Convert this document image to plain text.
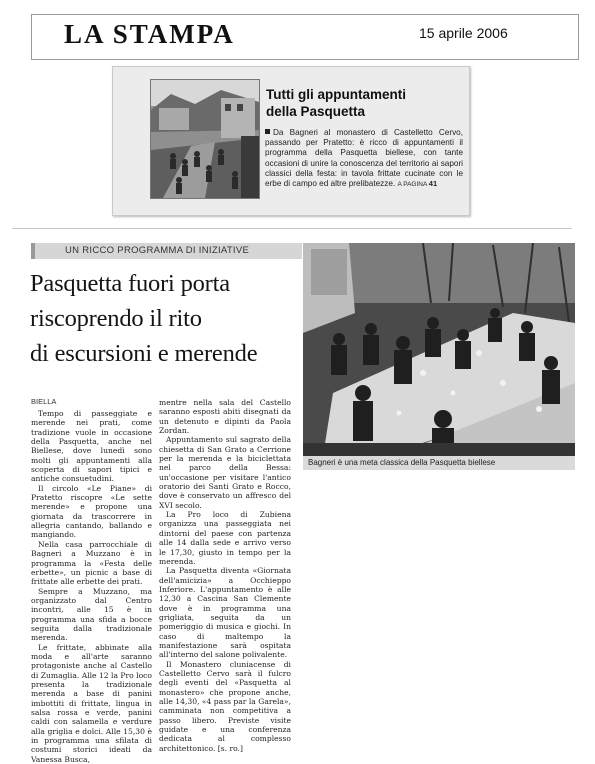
LA STAMPA	15 aprile 2006
Tutti gli appuntamenti
della Pasquetta
Da Bagneri al monastero di Castelletto Cervo, passando per Pratetto: è ricco di appuntamenti il programma della Pasquetta biellese, con tante occasioni di unire la conoscenza del territorio ai sapori classici della festa: in tavola frittate cucinate con le erbe di campo ed altre prelibatezze. A PAGINA 41
UN RICCO PROGRAMMA DI INIZIATIVE
Pasquetta fuori porta
riscoprendo il rito
di escursioni e merende
BIELLA

Tempo di passeggiate e merende nei prati, come tradizione vuole in occasione della Pasquetta, anche nel Biellese, dove lunedì sono molti gli appuntamenti alla scoperta di sapori tipici e antiche consuetudini.

Il circolo «Le Piane» di Pratetto riscopre «Le sette merende» e propone una giornata da trascorrere in allegria cantando, ballando e mangiando.

Nella casa parrocchiale di Bagneri a Muzzano è in programma la «Festa delle erbette», un picnic a base di frittate alle erbette dei prati.

Sempre a Muzzano, ma organizzato dal Centro incontri, alle 15 è in programma una sfida a bocce seguita dalla tradizionale merenda.

Le frittate, abbinate alla moda e all'arte saranno protagoniste anche al Castello di Zumaglia. Alle 12 la Pro loco presenta la tradizionale merenda a base di panini imbottiti di frittate, lingua in salsa rossa e verde, panini caldi con salamella e verdure alla griglia e dolci. Alle 15,30 è in programma una sfilata di costumi storici ideati da Vanessa Busca,

mentre nella sala del Castello saranno esposti abiti disegnati da un detenuto e dipinti da Paola Zordan.

Appuntamento sul sagrato della chiesetta di San Grato a Cerrione per la merenda e la biciclettata nel parco della Bessa: un'occasione per visitare l'antico oratorio dei Santi Grato e Rocco, dove è conservato un affresco del XVI secolo.

La Pro loco di Zubiena organizza una passeggiata nei dintorni del paese con partenza alle 14 dalla sede e arrivo verso le 17,30, giusto in tempo per la merenda.

La Pasquetta diventa «Giornata dell'amicizia» a Occhieppo Inferiore. L'appuntamento è alle 12,30 a Cascina San Clemente dove è in programma una grigliata, seguita da un pomeriggio di musica e giochi. In caso di maltempo la manifestazione sarà ospitata all'interno del salone polivalente.

Il Monastero cluniacense di Castelletto Cervo sarà il fulcro degli eventi del «Pasquetta al monastero» che propone anche, alle 14,30, «4 pass par la Garela», camminata non competitiva a passo libero. Previste visite guidate e una conferenza dedicata al complesso architettonico. [s. ro.]

Bagneri è una meta classica della Pasquetta biellese
